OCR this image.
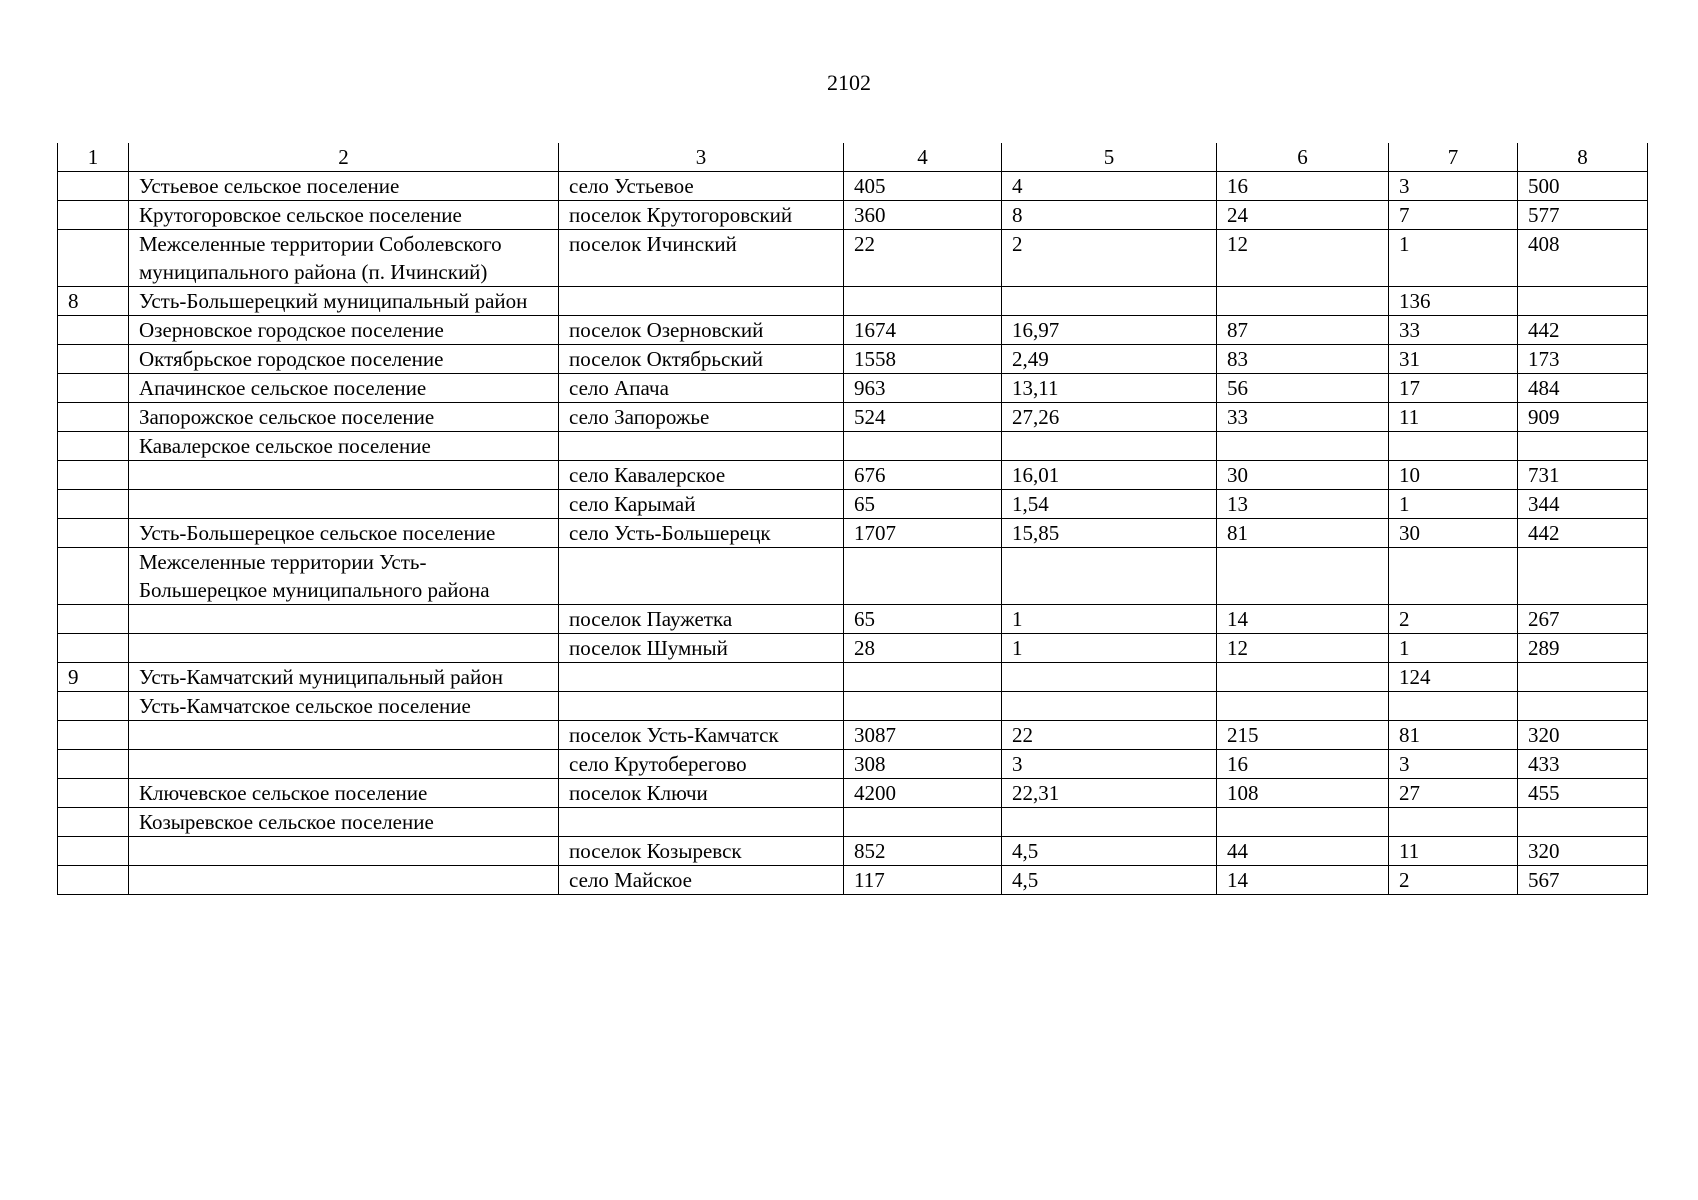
2102
1	2	3	4	5	6	7	8
	Устьевое сельское поселение	село Устьевое	405	4	16	3	500
	Крутогоровское сельское поселение	поселок Крутогоровский	360	8	24	7	577
	Межселенные территории Соболевского муниципального района (п. Ичинский)	поселок Ичинский	22	2	12	1	408
8	Усть-Большерецкий муниципальный район					136	
	Озерновское городское поселение	поселок Озерновский	1674	16,97	87	33	442
	Октябрьское городское поселение	поселок Октябрьский	1558	2,49	83	31	173
	Апачинское сельское поселение	село Апача	963	13,11	56	17	484
	Запорожское сельское поселение	село Запорожье	524	27,26	33	11	909
	Кавалерское сельское поселение						
		село Кавалерское	676	16,01	30	10	731
		село Карымай	65	1,54	13	1	344
	Усть-Большерецкое сельское поселение	село Усть-Большерецк	1707	15,85	81	30	442
	Межселенные территории Усть-Большерецкое муниципального района						
		поселок Паужетка	65	1	14	2	267
		поселок Шумный	28	1	12	1	289
9	Усть-Камчатский муниципальный район					124	
	Усть-Камчатское сельское поселение						
		поселок Усть-Камчатск	3087	22	215	81	320
		село Крутоберегово	308	3	16	3	433
	Ключевское сельское поселение	поселок Ключи	4200	22,31	108	27	455
	Козыревское сельское поселение						
		поселок Козыревск	852	4,5	44	11	320
		село Майское	117	4,5	14	2	567
